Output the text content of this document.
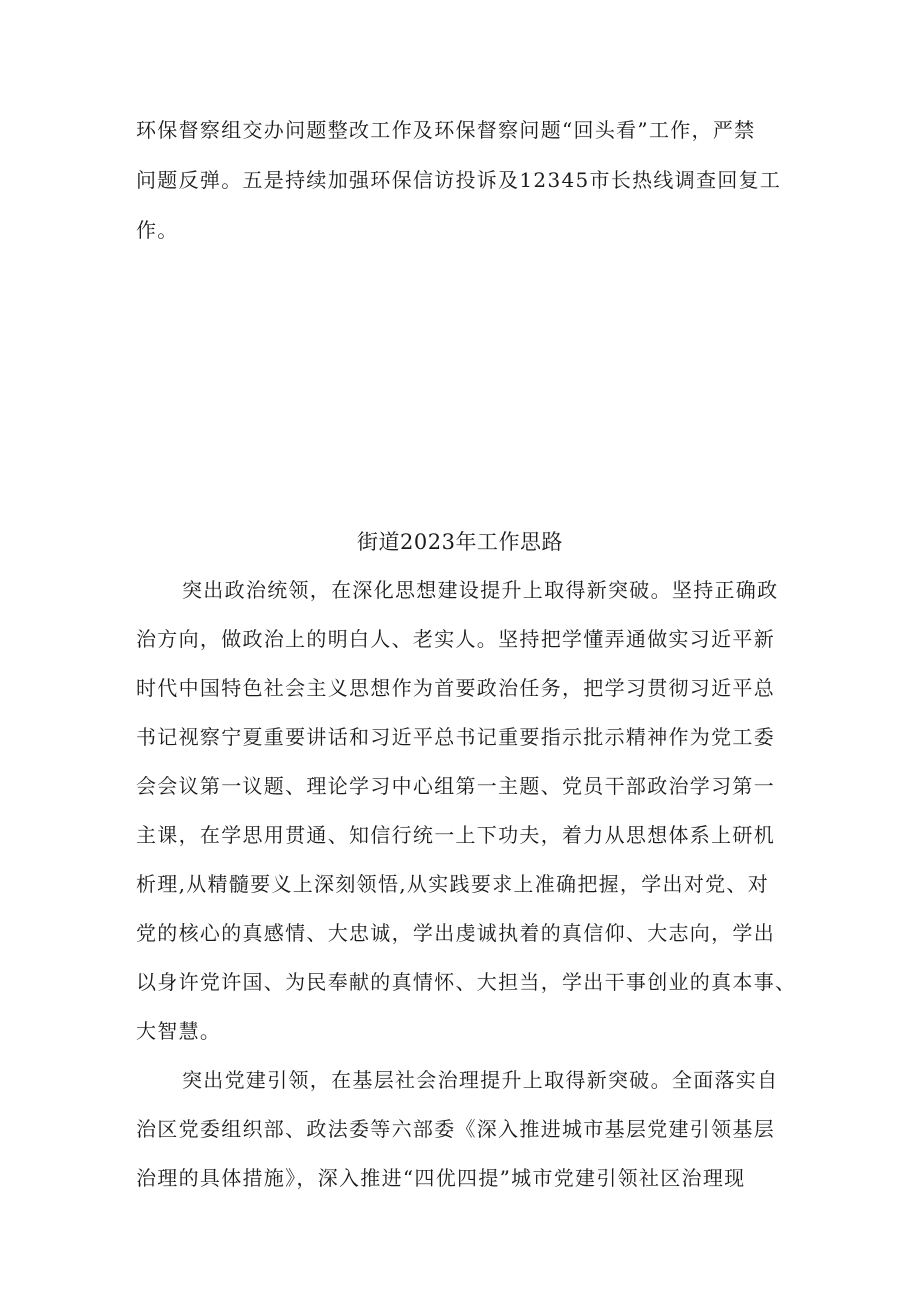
环保督察组交办问题整改工作及环保督察问题“回头看”工作，严禁
问题反弹。五是持续加强环保信访投诉及12345市长热线调查回复工
作。
街道2023年工作思路
突出政治统领，在深化思想建设提升上取得新突破。坚持正确政
治方向，做政治上的明白人、老实人。坚持把学懂弄通做实习近平新
时代中国特色社会主义思想作为首要政治任务，把学习贯彻习近平总
书记视察宁夏重要讲话和习近平总书记重要指示批示精神作为党工委
会会议第一议题、理论学习中心组第一主题、党员干部政治学习第一
主课，在学思用贯通、知信行统一上下功夫，着力从思想体系上研机
析理,从精髓要义上深刻领悟,从实践要求上准确把握，学出对党、对
党的核心的真感情、大忠诚，学出虔诚执着的真信仰、大志向，学出
以身许党许国、为民奉献的真情怀、大担当，学出干事创业的真本事、
大智慧。
突出党建引领，在基层社会治理提升上取得新突破。全面落实自
治区党委组织部、政法委等六部委《深入推进城市基层党建引领基层
治理的具体措施》，深入推进“四优四提”城市党建引领社区治理现
